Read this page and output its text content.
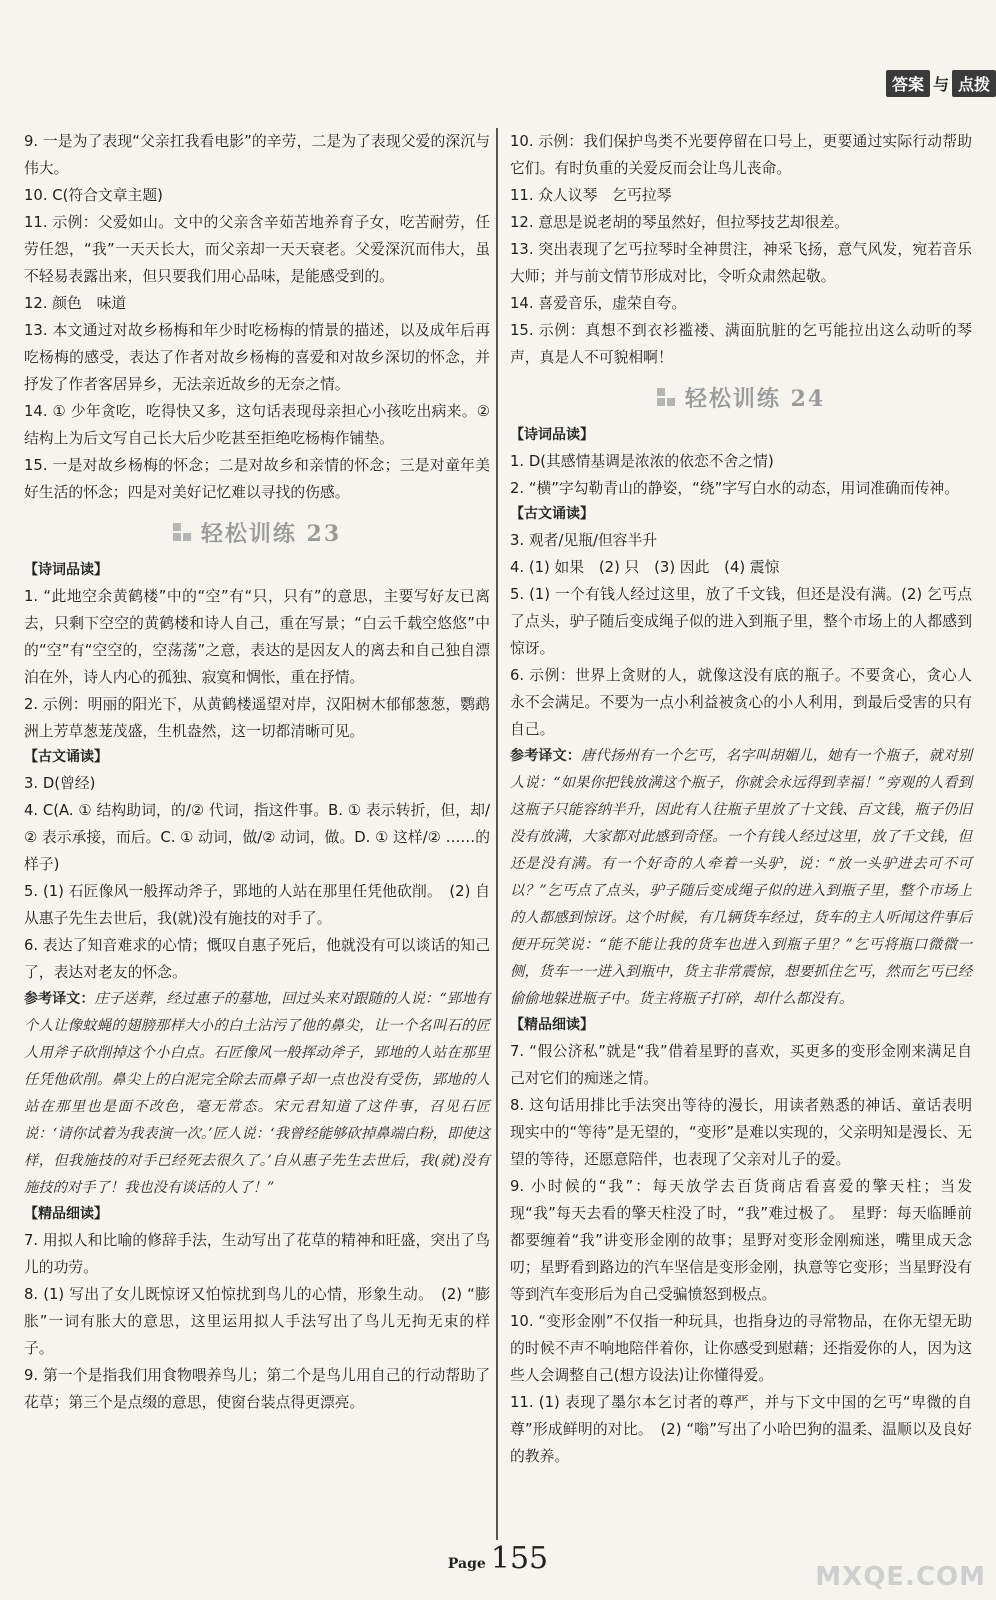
答案 与 点拨

9. 一是为了表现“父亲扛我看电影”的辛劳，二是为了表现父爱的深沉与伟大。

10. C(符合文章主题)

11. 示例：父爱如山。文中的父亲含辛茹苦地养育子女，吃苦耐劳，任劳任怨，“我”一天天长大，而父亲却一天天衰老。父爱深沉而伟大，虽不轻易表露出来，但只要我们用心品味，是能感受到的。

12. 颜色　味道

13. 本文通过对故乡杨梅和年少时吃杨梅的情景的描述，以及成年后再吃杨梅的感受，表达了作者对故乡杨梅的喜爱和对故乡深切的怀念，并抒发了作者客居异乡，无法亲近故乡的无奈之情。

14. ① 少年贪吃，吃得快又多，这句话表现母亲担心小孩吃出病来。② 结构上为后文写自己长大后少吃甚至拒绝吃杨梅作铺垫。

15. 一是对故乡杨梅的怀念；二是对故乡和亲情的怀念；三是对童年美好生活的怀念；四是对美好记忆难以寻找的伤感。

轻松训练 23

【诗词品读】

1. “此地空余黄鹤楼”中的“空”有“只，只有”的意思，主要写好友已离去，只剩下空空的黄鹤楼和诗人自己，重在写景；“白云千载空悠悠”中的“空”有“空空的，空荡荡”之意，表达的是因友人的离去和自己独自漂泊在外，诗人内心的孤独、寂寞和惆怅，重在抒情。

2. 示例：明丽的阳光下，从黄鹤楼遥望对岸，汉阳树木郁郁葱葱，鹦鹉洲上芳草葱茏茂盛，生机盎然，这一切都清晰可见。

【古文诵读】

3. D(曾经)

4. C(A. ① 结构助词，的/② 代词，指这件事。B. ① 表示转折，但，却/② 表示承接，而后。C. ① 动词，做/② 动词，做。D. ① 这样/② ……的样子)

5. (1) 石匠像风一般挥动斧子，郢地的人站在那里任凭他砍削。　(2) 自从惠子先生去世后，我(就)没有施技的对手了。

6. 表达了知音难求的心情；慨叹自惠子死后，他就没有可以谈话的知己了，表达对老友的怀念。

参考译文：庄子送葬，经过惠子的墓地，回过头来对跟随的人说：“郢地有个人让像蚊蝇的翅膀那样大小的白土沾污了他的鼻尖，让一个名叫石的匠人用斧子砍削掉这个小白点。石匠像风一般挥动斧子，郢地的人站在那里任凭他砍削。鼻尖上的白泥完全除去而鼻子却一点也没有受伤，郢地的人站在那里也是面不改色，毫无常态。宋元君知道了这件事，召见石匠说：‘请你试着为我表演一次。’匠人说：‘我曾经能够砍掉鼻端白粉，即使这样，但我施技的对手已经死去很久了。’自从惠子先生去世后，我(就)没有施技的对手了！我也没有谈话的人了！”

【精品细读】

7. 用拟人和比喻的修辞手法，生动写出了花草的精神和旺盛，突出了鸟儿的功劳。

8. (1) 写出了女儿既惊讶又怕惊扰到鸟儿的心情，形象生动。　(2) “膨胀”一词有胀大的意思，这里运用拟人手法写出了鸟儿无拘无束的样子。

9. 第一个是指我们用食物喂养鸟儿；第二个是鸟儿用自己的行动帮助了花草；第三个是点缀的意思，使窗台装点得更漂亮。

10. 示例：我们保护鸟类不光要停留在口号上，更要通过实际行动帮助它们。有时负重的关爱反而会让鸟儿丧命。

11. 众人议琴　乞丐拉琴

12. 意思是说老胡的琴虽然好，但拉琴技艺却很差。

13. 突出表现了乞丐拉琴时全神贯注，神采飞扬，意气风发，宛若音乐大师；并与前文情节形成对比，令听众肃然起敬。

14. 喜爱音乐，虚荣自夸。

15. 示例：真想不到衣衫褴褛、满面肮脏的乞丐能拉出这么动听的琴声，真是人不可貌相啊！

轻松训练 24

【诗词品读】

1. D(其感情基调是浓浓的依恋不舍之情)

2. “横”字勾勒青山的静姿，“绕”字写白水的动态，用词准确而传神。

【古文诵读】

3. 观者/见瓶/但容半升

4. (1) 如果　(2) 只　(3) 因此　(4) 震惊

5. (1) 一个有钱人经过这里，放了千文钱，但还是没有满。(2) 乞丐点了点头，驴子随后变成绳子似的进入到瓶子里，整个市场上的人都感到惊讶。

6. 示例：世界上贪财的人，就像这没有底的瓶子。不要贪心，贪心人永不会满足。不要为一点小利益被贪心的小人利用，到最后受害的只有自己。

参考译文：唐代扬州有一个乞丐，名字叫胡媚儿，她有一个瓶子，就对别人说：“如果你把钱放满这个瓶子，你就会永远得到幸福！”旁观的人看到这瓶子只能容纳半升，因此有人往瓶子里放了十文钱、百文钱，瓶子仍旧没有放满，大家都对此感到奇怪。一个有钱人经过这里，放了千文钱，但还是没有满。有一个好奇的人牵着一头驴，说：“放一头驴进去可不可以？”乞丐点了点头，驴子随后变成绳子似的进入到瓶子里，整个市场上的人都感到惊讶。这个时候，有几辆货车经过，货车的主人听闻这件事后便开玩笑说：“能不能让我的货车也进入到瓶子里？”乞丐将瓶口微微一侧，货车一一进入到瓶中，货主非常震惊，想要抓住乞丐，然而乞丐已经偷偷地躲进瓶子中。货主将瓶子打碎，却什么都没有。

【精品细读】

7. “假公济私”就是“我”借着星野的喜欢，买更多的变形金刚来满足自己对它们的痴迷之情。

8. 这句话用排比手法突出等待的漫长，用读者熟悉的神话、童话表明现实中的“等待”是无望的，“变形”是难以实现的，父亲明知是漫长、无望的等待，还愿意陪伴，也表现了父亲对儿子的爱。

9. 小时候的“我”：每天放学去百货商店看喜爱的擎天柱；当发现“我”每天去看的擎天柱没了时，“我”难过极了。　星野：每天临睡前都要缠着“我”讲变形金刚的故事；星野对变形金刚痴迷，嘴里成天念叨；星野看到路边的汽车坚信是变形金刚，执意等它变形；当星野没有等到汽车变形后为自己受骗愤怒到极点。

10. “变形金刚”不仅指一种玩具，也指身边的寻常物品，在你无望无助的时候不声不响地陪伴着你，让你感受到慰藉；还指爱你的人，因为这些人会调整自己(想方设法)让你懂得爱。

11. (1) 表现了墨尔本乞讨者的尊严，并与下文中国的乞丐“卑微的自尊”形成鲜明的对比。　(2) “嗡”写出了小哈巴狗的温柔、温顺以及良好的教养。

Page 155
MXQE.COM
